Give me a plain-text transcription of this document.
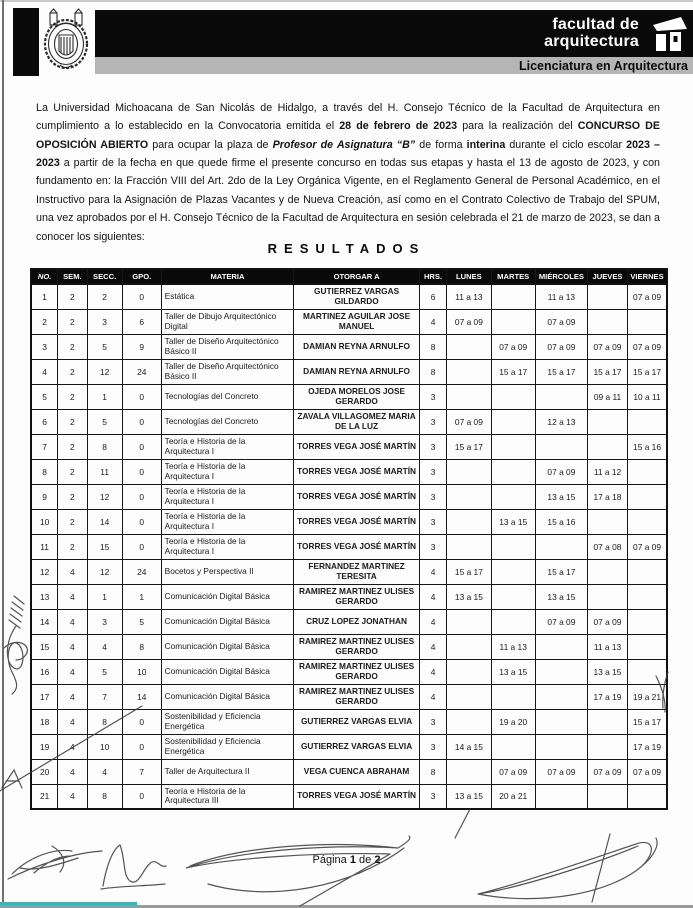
facultad de
arquitectura
Licenciatura en Arquitectura

La Universidad Michoacana de San Nicolás de Hidalgo, a través del H. Consejo Técnico de la Facultad de Arquitectura en cumplimiento a lo establecido en la Convocatoria emitida el 28 de febrero de 2023 para la realización del CONCURSO DE OPOSICIÓN ABIERTO para ocupar la plaza de Profesor de Asignatura “B” de forma interina durante el ciclo escolar 2023 – 2023 a partir de la fecha en que quede firme el presente concurso en todas sus etapas y hasta el 13 de agosto de 2023, y con fundamento en: la Fracción VIII del Art. 2do de la Ley Orgánica Vigente, en el Reglamento General de Personal Académico, en el Instructivo para la Asignación de Plazas Vacantes y de Nueva Creación, así como en el Contrato Colectivo de Trabajo del SPUM, una vez aprobados por el H. Consejo Técnico de la Facultad de Arquitectura en sesión celebrada el 21 de marzo de 2023, se dan a conocer los siguientes:

RESULTADOS
NO.	SEM.	SECC.	GPO.	MATERIA	OTORGAR A	HRS.	LUNES	MARTES	MIÉRCOLES	JUEVES	VIERNES
1	2	2	0	Estática	GUTIERREZ VARGAS GILDARDO	6	11 a 13		11 a 13		07 a 09
2	2	3	6	Taller de Dibujo Arquitectónico Digital	MARTINEZ AGUILAR JOSE MANUEL	4	07 a 09		07 a 09		
3	2	5	9	Taller de Diseño Arquitectónico Básico II	DAMIAN REYNA ARNULFO	8		07 a 09	07 a 09	07 a 09	07 a 09
4	2	12	24	Taller de Diseño Arquitectónico Básico II	DAMIAN REYNA ARNULFO	8		15 a 17	15 a 17	15 a 17	15 a 17
5	2	1	0	Tecnologías del Concreto	OJEDA MORELOS JOSE GERARDO	3				09 a 11	10 a 11
6	2	5	0	Tecnologías del Concreto	ZAVALA VILLAGOMEZ MARIA DE LA LUZ	3	07 a 09		12 a 13		
7	2	8	0	Teoría e Historia de la Arquitectura I	TORRES VEGA JOSÉ MARTÍN	3	15 a 17				15 a 16
8	2	11	0	Teoría e Historia de la Arquitectura I	TORRES VEGA JOSÉ MARTÍN	3			07 a 09	11 a 12	
9	2	12	0	Teoría e Historia de la Arquitectura I	TORRES VEGA JOSÉ MARTÍN	3			13 a 15	17 a 18	
10	2	14	0	Teoría e Historia de la Arquitectura I	TORRES VEGA JOSÉ MARTÍN	3		13 a 15	15 a 16		
11	2	15	0	Teoría e Historia de la Arquitectura I	TORRES VEGA JOSÉ MARTÍN	3				07 a 08	07 a 09
12	4	12	24	Bocetos y Perspectiva II	FERNANDEZ MARTINEZ TERESITA	4	15 a 17		15 a 17		
13	4	1	1	Comunicación Digital Básica	RAMIREZ MARTINEZ ULISES GERARDO	4	13 a 15		13 a 15		
14	4	3	5	Comunicación Digital Básica	CRUZ LOPEZ JONATHAN	4			07 a 09	07 a 09	
15	4	4	8	Comunicación Digital Básica	RAMIREZ MARTINEZ ULISES GERARDO	4		11 a 13		11 a 13	
16	4	5	10	Comunicación Digital Básica	RAMIREZ MARTINEZ ULISES GERARDO	4		13 a 15		13 a 15	
17	4	7	14	Comunicación Digital Básica	RAMIREZ MARTINEZ ULISES GERARDO	4				17 a 19	19 a 21
18	4	8	0	Sostenibilidad y Eficiencia Energética	GUTIERREZ VARGAS ELVIA	3		19 a 20			15 a 17
19	4	10	0	Sostenibilidad y Eficiencia Energética	GUTIERREZ VARGAS ELVIA	3	14 a 15				17 a 19
20	4	4	7	Taller de Arquitectura II	VEGA CUENCA ABRAHAM	8		07 a 09	07 a 09	07 a 09	07 a 09
21	4	8	0	Teoría e Historia de la Arquitectura III	TORRES VEGA JOSÉ MARTÍN	3	13 a 15	20 a 21			
Página 1 de 2
